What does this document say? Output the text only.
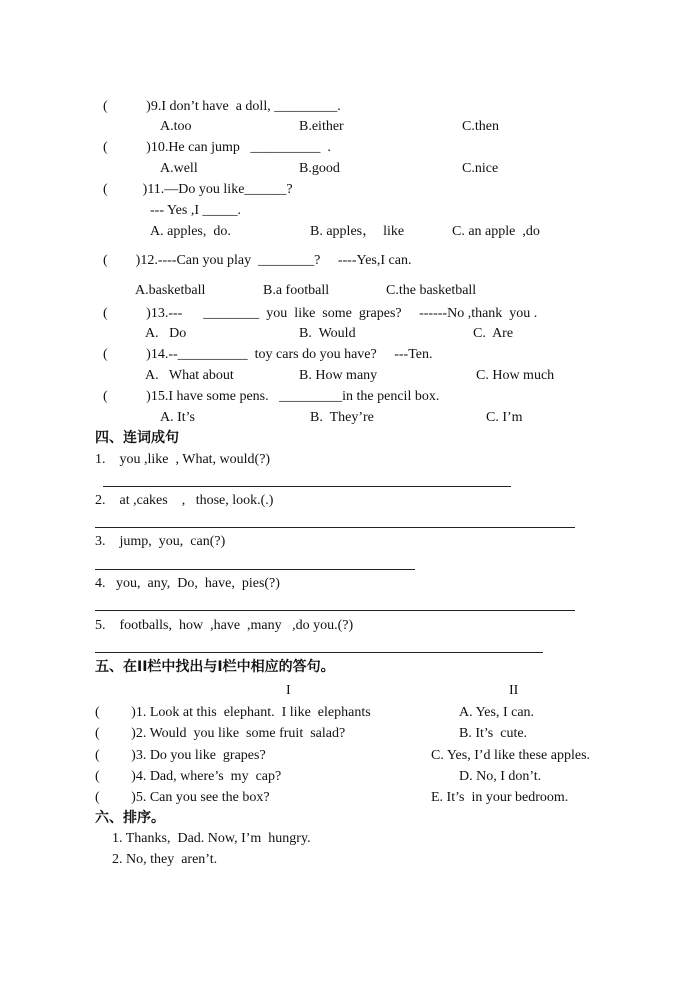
(           )9.I don’t have  a doll, _________.
A.too	B.either	C.then
(           )10.He can jump   __________  .
A.well	B.good	C.nice
(          )11.—Do you like______?
--- Yes ,I _____.
A. apples,  do.	B. apples，  like	C. an apple  ,do
(        )12.----Can you play  ________?     ----Yes,I can.
A.basketball	B.a football	C.the basketball
(           )13.---      ________  you  like  some  grapes?     ------No ,thank  you .
A.   Do	B.  Would	C.  Are
(           )14.--__________  toy cars do you have?     ---Ten.
A.   What about	B. How many	C. How much
(           )15.I have some pens.   _________in the pencil box.
A. It’s	B.  They’re	C. I’m
四、连词成句
1.    you ,like  , What, would(?)
2.    at ,cakes    ,   those, look.(.)
3.    jump,  you,  can(?)
4.   you,  any,  Do,  have,  pies(?)
5.    footballs,  how  ,have  ,many   ,do you.(?)
五、在II栏中找出与I栏中相应的答句。
I	II
(         )1. Look at this  elephant.  I like  elephants	A. Yes, I can.
(         )2. Would  you like  some fruit  salad?	B. It’s  cute.
(         )3. Do you like  grapes?	C. Yes, I’d like these apples.
(         )4. Dad, where’s  my  cap?	D. No, I don’t.
(         )5. Can you see the box?	E. It’s  in your bedroom.
六、排序。
1. Thanks,  Dad. Now, I’m  hungry.
2. No, they  aren’t.
